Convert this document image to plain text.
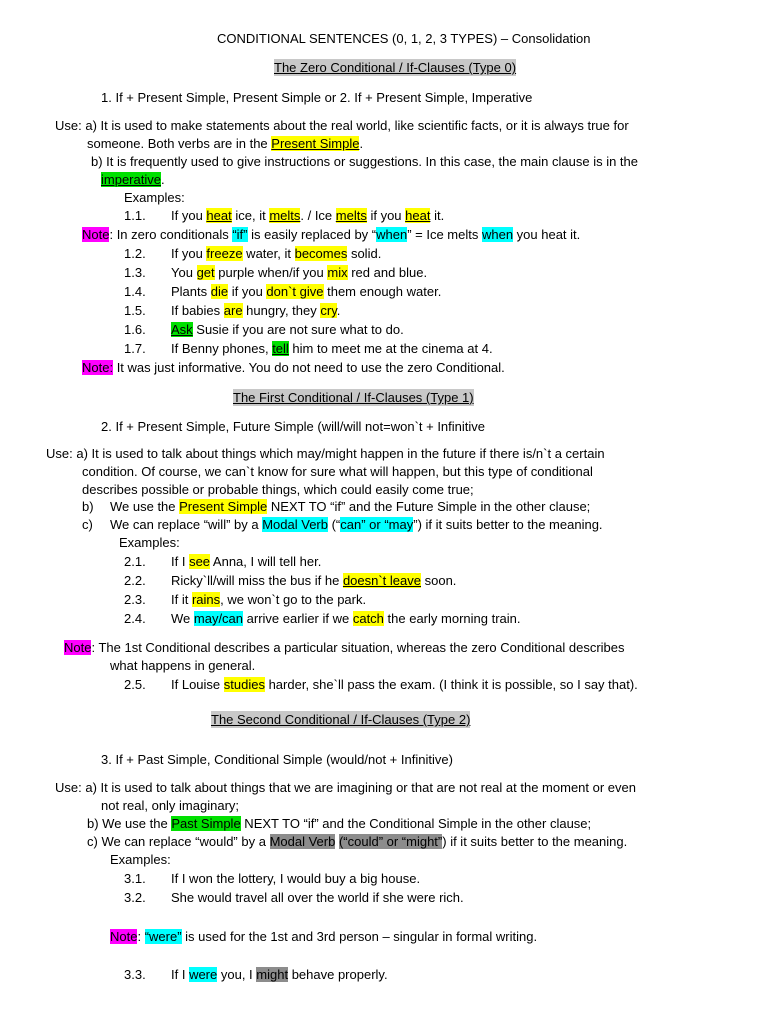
CONDITIONAL SENTENCES (0, 1, 2, 3 TYPES) – Consolidation
The Zero Conditional / If-Clauses (Type 0)
1. If + Present Simple, Present Simple or 2. If + Present Simple, Imperative
Use: a) It is used to make statements about the real world, like scientific facts, or it is always true for
someone. Both verbs are in the Present Simple.
b) It is frequently used to give instructions or suggestions. In this case, the main clause is in the
imperative.
Examples:
1.1. If you heat ice, it melts. / Ice melts if you heat it.
Note: In zero conditionals “if” is easily replaced by “when” = Ice melts when you heat it.
1.2. If you freeze water, it becomes solid.
1.3. You get purple when/if you mix red and blue.
1.4. Plants die if you don`t give them enough water.
1.5. If babies are hungry, they cry.
1.6. Ask Susie if you are not sure what to do.
1.7. If Benny phones, tell him to meet me at the cinema at 4.
Note: It was just informative. You do not need to use the zero Conditional.
The First Conditional / If-Clauses (Type 1)
2. If + Present Simple, Future Simple (will/will not=won`t + Infinitive
Use: a) It is used to talk about things which may/might happen in the future if there is/n`t a certain
condition. Of course, we can`t know for sure what will happen, but this type of conditional
describes possible or probable things, which could easily come true;
b) We use the Present Simple NEXT TO “if” and the Future Simple in the other clause;
c) We can replace “will” by a Modal Verb (“can” or “may”) if it suits better to the meaning.
Examples:
2.1. If I see Anna, I will tell her.
2.2. Ricky`ll/will miss the bus if he doesn`t leave soon.
2.3. If it rains, we won`t go to the park.
2.4. We may/can arrive earlier if we catch the early morning train.
Note: The 1st Conditional describes a particular situation, whereas the zero Conditional describes
what happens in general.
2.5. If Louise studies harder, she`ll pass the exam. (I think it is possible, so I say that).
The Second Conditional / If-Clauses (Type 2)
3. If + Past Simple, Conditional Simple (would/not + Infinitive)
Use: a) It is used to talk about things that we are imagining or that are not real at the moment or even
not real, only imaginary;
b) We use the Past Simple NEXT TO “if” and the Conditional Simple in the other clause;
c) We can replace “would” by a Modal Verb (“could” or “might”) if it suits better to the meaning.
Examples:
3.1. If I won the lottery, I would buy a big house.
3.2. She would travel all over the world if she were rich.
Note: “were” is used for the 1st and 3rd person – singular in formal writing.
3.3. If I were you, I might behave properly.
